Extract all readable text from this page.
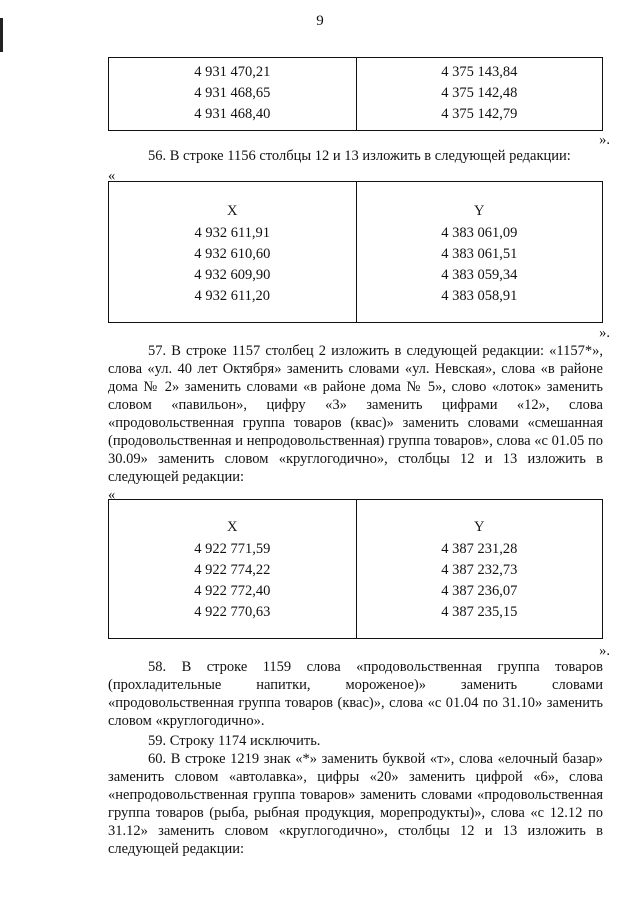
9
4 931 470,21
4 931 468,65
4 931 468,40
4 375 143,84
4 375 142,48
4 375 142,79
».
56. В строке 1156 столбцы 12 и 13 изложить в следующей редакции:
«
X
4 932 611,91
4 932 610,60
4 932 609,90
4 932 611,20
Y
4 383 061,09
4 383 061,51
4 383 059,34
4 383 058,91
».
57. В строке 1157 столбец 2 изложить в следующей редакции: «1157*», слова «ул. 40 лет Октября» заменить словами «ул. Невская», слова «в районе дома № 2» заменить словами «в районе дома № 5», слово «лоток» заменить словом «павильон», цифру «3» заменить цифрами «12», слова «продовольственная группа товаров (квас)» заменить словами «смешанная (продовольственная и непродовольственная) группа товаров», слова «с 01.05 по 30.09» заменить словом «круглогодично», столбцы 12 и 13 изложить в следующей редакции:
«
X
4 922 771,59
4 922 774,22
4 922 772,40
4 922 770,63
Y
4 387 231,28
4 387 232,73
4 387 236,07
4 387 235,15
».
58. В строке 1159 слова «продовольственная группа товаров (прохладительные напитки, мороженое)» заменить словами «продовольственная группа товаров (квас)», слова «с 01.04 по 31.10» заменить словом «круглогодично».
59. Строку 1174 исключить.
60. В строке 1219 знак «*» заменить буквой «т», слова «елочный базар» заменить словом «автолавка», цифры «20» заменить цифрой «6», слова «непродовольственная группа товаров» заменить словами «продовольственная группа товаров (рыба, рыбная продукция, морепродукты)», слова «с 12.12 по 31.12» заменить словом «круглогодично», столбцы 12 и 13 изложить в следующей редакции:
